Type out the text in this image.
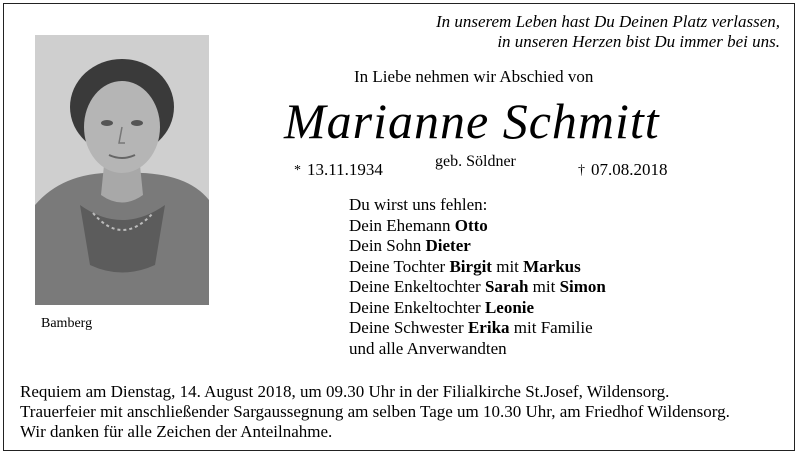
In unserem Leben hast Du Deinen Platz verlassen,
in unseren Herzen bist Du immer bei uns.
Bamberg
In Liebe nehmen wir Abschied von
Marianne Schmitt
* 13.11.1934	geb. Söldner
† 07.08.2018
Du wirst uns fehlen:
Dein Ehemann Otto
Dein Sohn Dieter
Deine Tochter Birgit mit Markus
Deine Enkeltochter Sarah mit Simon
Deine Enkeltochter Leonie
Deine Schwester Erika mit Familie
und alle Anverwandten
Requiem am Dienstag, 14. August 2018, um 09.30 Uhr in der Filialkirche St.Josef, Wildensorg.
Trauerfeier mit anschließender Sargaussegnung am selben Tage um 10.30 Uhr, am Friedhof Wildensorg.
Wir danken für alle Zeichen der Anteilnahme.
